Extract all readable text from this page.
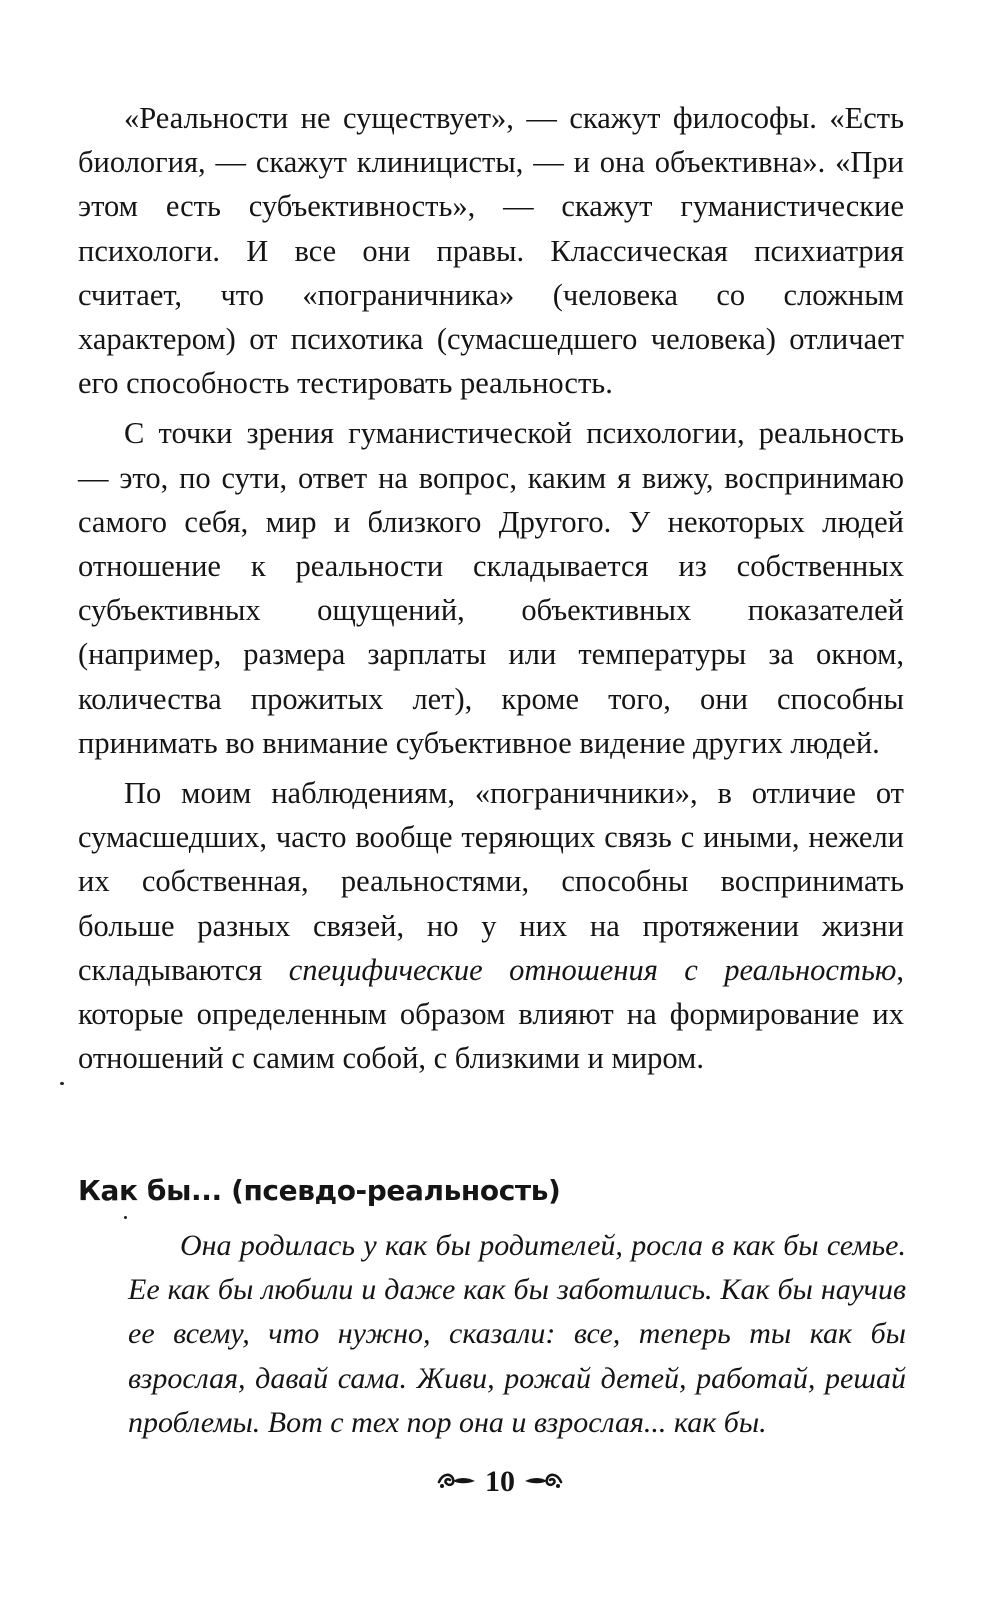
«Реальности не существует», — скажут философы. «Есть биология, — скажут клиницисты, — и она объективна». «При этом есть субъективность», — скажут гуманистические психологи. И все они правы. Классическая психиатрия считает, что «пограничника» (человека со сложным характером) от психотика (сумасшедшего человека) отличает его способность тестировать реальность.

С точки зрения гуманистической психологии, реальность — это, по сути, ответ на вопрос, каким я вижу, воспринимаю самого себя, мир и близкого Другого. У некоторых людей отношение к реальности складывается из собственных субъективных ощущений, объективных показателей (например, размера зарплаты или температуры за окном, количества прожитых лет), кроме того, они способны принимать во внимание субъективное видение других людей.

По моим наблюдениям, «пограничники», в отличие от сумасшедших, часто вообще теряющих связь с иными, нежели их собственная, реальностями, способны воспринимать больше разных связей, но у них на протяжении жизни складываются специфические отношения с реальностью, которые определенным образом влияют на формирование их отношений с самим собой, с близкими и миром.

Как бы... (псевдо-реальность)

Она родилась у как бы родителей, росла в как бы семье. Ее как бы любили и даже как бы заботились. Как бы научив ее всему, что нужно, сказали: все, теперь ты как бы взрослая, давай сама. Живи, рожай детей, работай, решай проблемы. Вот с тех пор она и взрослая... как бы.

10
